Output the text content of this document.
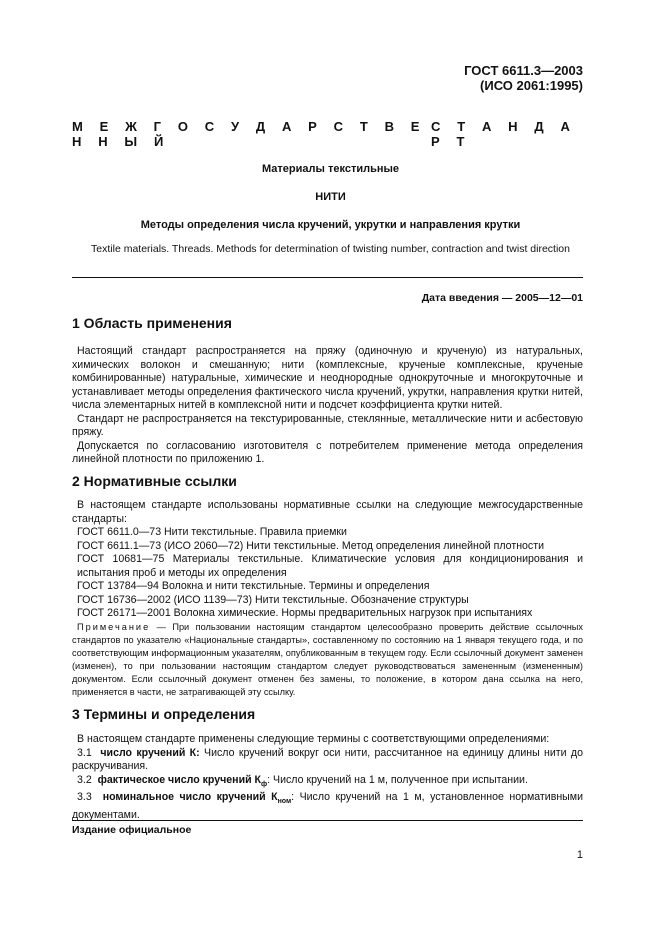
ГОСТ 6611.3—2003
(ИСО 2061:1995)
М Е Ж Г О С У Д А Р С Т В Е Н Н Ы Й
С Т А Н Д А Р Т
Материалы текстильные
НИТИ
Методы определения числа кручений, укрутки и направления крутки
Textile materials. Threads. Methods for determination of twisting number, contraction and twist direction
Дата введения — 2005—12—01
1 Область применения

Настоящий стандарт распространяется на пряжу (одиночную и крученую) из натуральных, химических волокон и смешанную; нити (комплексные, крученые комплексные, крученые комбинированные) натуральные, химические и неоднородные однокруточные и многокруточные и устанавливает методы определения фактического числа кручений, укрутки, направления крутки нитей, числа элементарных нитей в комплексной нити и подсчет коэффициента крутки нитей.

Стандарт не распространяется на текстурированные, стеклянные, металлические нити и асбестовую пряжу.

Допускается по согласованию изготовителя с потребителем применение метода определения линейной плотности по приложению 1.

2 Нормативные ссылки

В настоящем стандарте использованы нормативные ссылки на следующие межгосударственные стандарты:

ГОСТ 6611.0—73 Нити текстильные. Правила приемки

ГОСТ 6611.1—73 (ИСО 2060—72) Нити текстильные. Метод определения линейной плотности

ГОСТ 10681—75 Материалы текстильные. Климатические условия для кондиционирования и испытания проб и методы их определения

ГОСТ 13784—94 Волокна и нити текстильные. Термины и определения

ГОСТ 16736—2002 (ИСО 1139—73) Нити текстильные. Обозначение структуры

ГОСТ 26171—2001 Волокна химические. Нормы предварительных нагрузок при испытаниях

Примечание — При пользовании настоящим стандартом целесообразно проверить действие ссылочных стандартов по указателю «Национальные стандарты», составленному по состоянию на 1 января текущего года, и по соответствующим информационным указателям, опубликованным в текущем году. Если ссылочный документ заменен (изменен), то при пользовании настоящим стандартом следует руководствоваться замененным (измененным) документом. Если ссылочный документ отменен без замены, то положение, в котором дана ссылка на него, применяется в части, не затрагивающей эту ссылку.

3 Термины и определения

В настоящем стандарте применены следующие термины с соответствующими определениями:

3.1 число кручений К: Число кручений вокруг оси нити, рассчитанное на единицу длины нити до раскручивания.

3.2 фактическое число кручений $К_ф$: Число кручений на 1 м, полученное при испытании.

3.3 номинальное число кручений $К_{ном}$: Число кручений на 1 м, установленное нормативными документами.

Издание официальное
1
